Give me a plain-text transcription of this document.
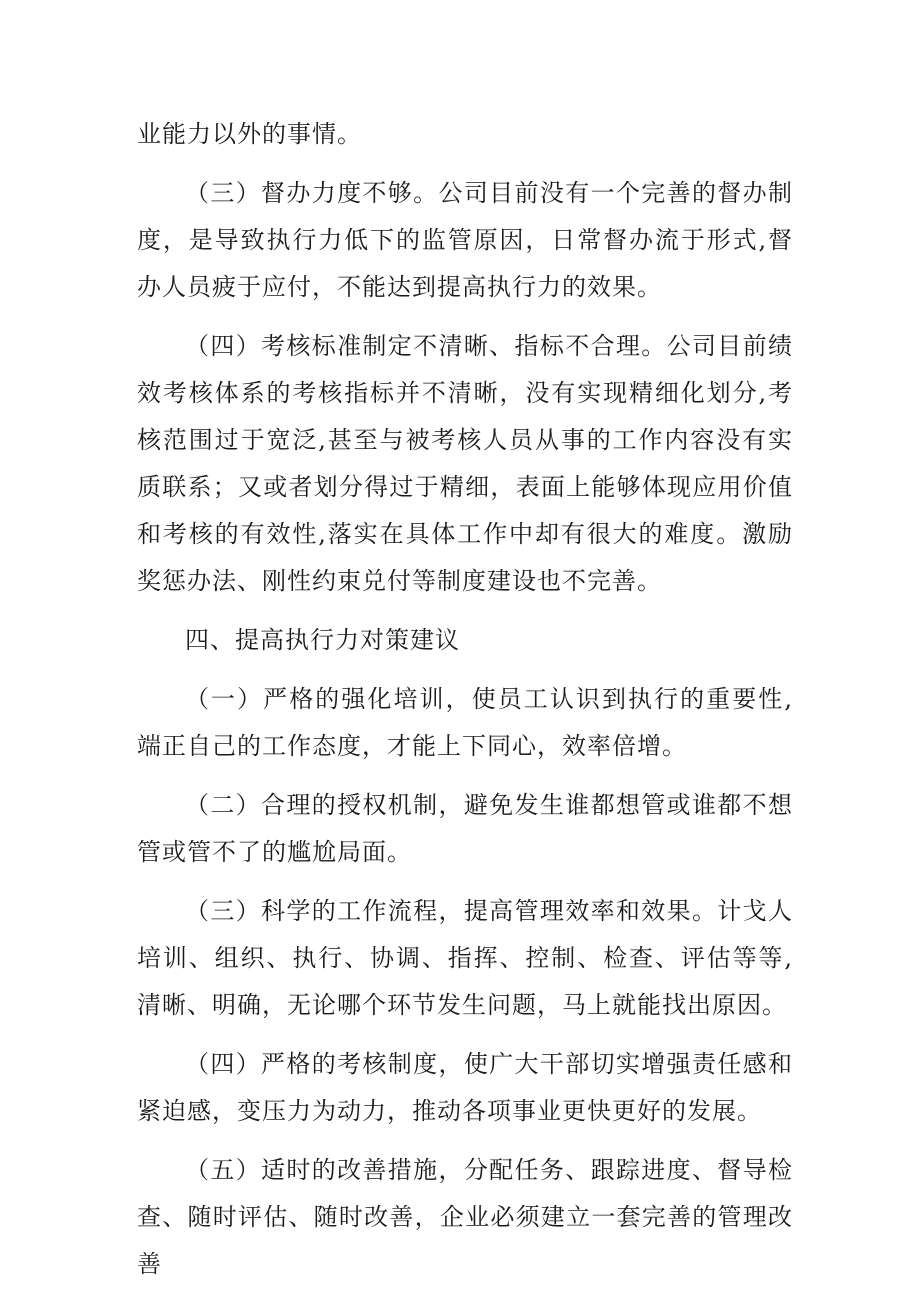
业能力以外的事情。

（三）督办力度不够。公司目前没有一个完善的督办制度，是导致执行力低下的监管原因，日常督办流于形式,督办人员疲于应付，不能达到提高执行力的效果。

（四）考核标准制定不清晰、指标不合理。公司目前绩效考核体系的考核指标并不清晰，没有实现精细化划分,考核范围过于宽泛,甚至与被考核人员从事的工作内容没有实质联系；又或者划分得过于精细，表面上能够体现应用价值和考核的有效性,落实在具体工作中却有很大的难度。激励奖惩办法、刚性约束兑付等制度建设也不完善。

四、提高执行力对策建议

（一）严格的强化培训，使员工认识到执行的重要性,端正自己的工作态度，才能上下同心，效率倍增。

（二）合理的授权机制，避免发生谁都想管或谁都不想管或管不了的尴尬局面。

（三）科学的工作流程，提高管理效率和效果。计戈人培训、组织、执行、协调、指挥、控制、检查、评估等等,清晰、明确，无论哪个环节发生问题，马上就能找出原因。

（四）严格的考核制度，使广大干部切实增强责任感和紧迫感，变压力为动力，推动各项事业更快更好的发展。

（五）适时的改善措施，分配任务、跟踪进度、督导检查、随时评估、随时改善，企业必须建立一套完善的管理改善
